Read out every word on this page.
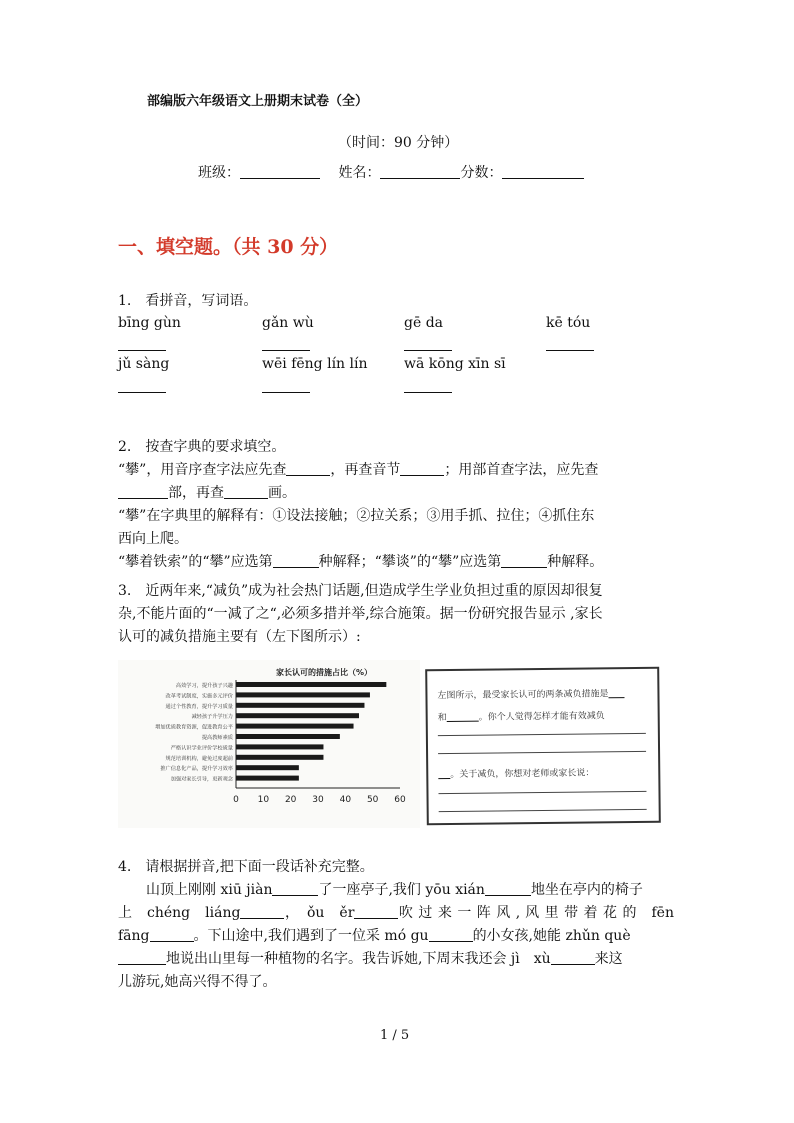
部编版六年级语文上册期末试卷（全）
（时间：90 分钟）
班级：	姓名：	分数：
一、填空题。（共 30 分）
1.　看拼音，写词语。
bīng gùn	gǎn wù	gē da	kē tóu
jǔ sàng	wēi fēng lín lín	wā kōng xīn sī

2.　按查字典的要求填空。

“攀”，用音序查字法应先查	，再查音节	；用部首查字法，应先查

部，再查	画。

“攀”在字典里的解释有：①设法接触；②拉关系；③用手抓、拉住；④抓住东

西向上爬。

“攀着铁索”的“攀”应选第	种解释；“攀谈”的“攀”应选第	种解释。

3.　近两年来,“减负”成为社会热门话题,但造成学生学业负担过重的原因却很复

杂,不能片面的“一减了之“,必须多措并举,综合施策。据一份研究报告显示 ,家长

认可的减负措施主要有（左下图所示）:

家长认可的措施占比（%）
高效学习，提升孩子兴趣
改革考试制度，实施多元评价
通过个性教育，提升学习质量
减轻孩子升学压力
增加优质教育资源，促进教育公平
提高教师素质
严格认识学业评价学校质量
规范培训机构，避免过度超前
推广信息化产品，提升学习效率
加强对家长引导，更新观念
0 10 20 30 40 50 60
左图所示，最受家长认可的两条减负措施是
和	。你个人觉得怎样才能有效减负
。关于减负，你想对老师或家长说：

4.　请根据拼音,把下面一段话补充完整。

山顶上刚刚 xiū jiàn	了一座亭子,我们 yōu xián	地坐在亭内的椅子

上　chéng　liáng	，　ǒu　ěr	吹 过 来 一 阵 风 , 风 里 带 着 花 的　fēn

fāng	。下山途中,我们遇到了一位采 mó gu	的小女孩,她能 zhǔn què

地说出山里每一种植物的名字。我告诉她,下周末我还会 jì　xù	来这

儿游玩,她高兴得不得了。

1 / 5
